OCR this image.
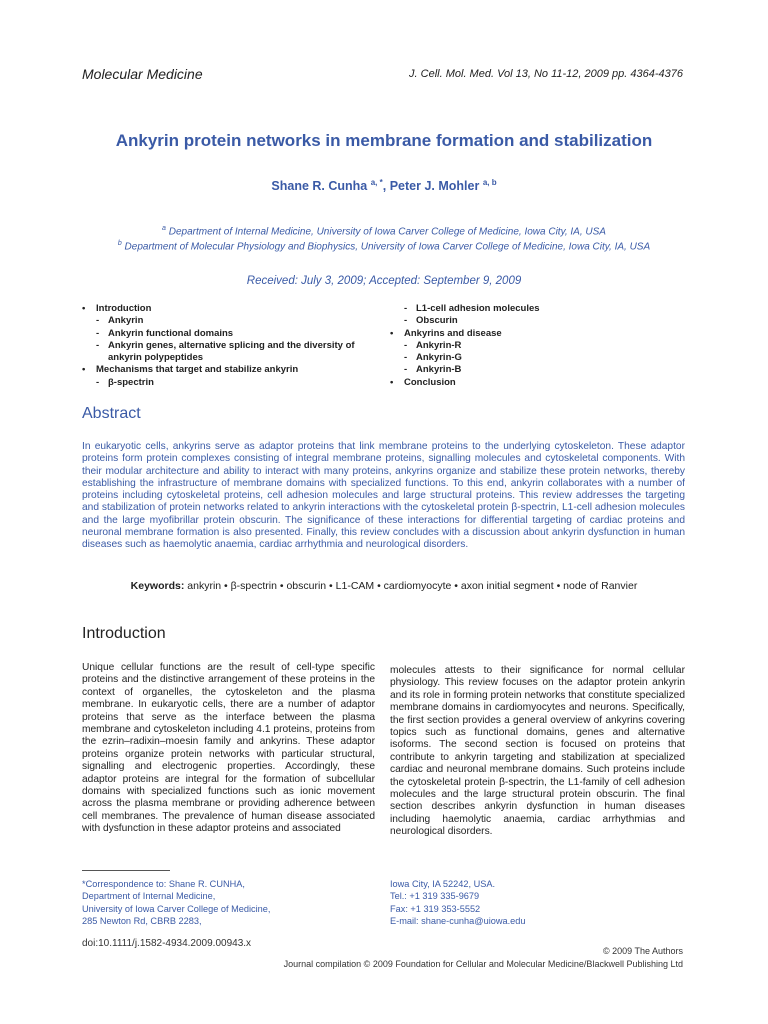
Molecular Medicine	J. Cell. Mol. Med. Vol 13, No 11-12, 2009 pp. 4364-4376
Ankyrin protein networks in membrane formation and stabilization
Shane R. Cunha $^{a, *}$, Peter J. Mohler $^{a, b}$
$^a$ Department of Internal Medicine, University of Iowa Carver College of Medicine, Iowa City, IA, USA
$^b$ Department of Molecular Physiology and Biophysics, University of Iowa Carver College of Medicine, Iowa City, IA, USA
Received: July 3, 2009; Accepted: September 9, 2009
• Introduction
- Ankyrin
- Ankyrin functional domains
- Ankyrin genes, alternative splicing and the diversity of ankyrin polypeptides
• Mechanisms that target and stabilize ankyrin
- β-spectrin
- L1-cell adhesion molecules
- Obscurin
• Ankyrins and disease
- Ankyrin-R
- Ankyrin-G
- Ankyrin-B
• Conclusion
Abstract
In eukaryotic cells, ankyrins serve as adaptor proteins that link membrane proteins to the underlying cytoskeleton. These adaptor proteins form protein complexes consisting of integral membrane proteins, signalling molecules and cytoskeletal components. With their modular architecture and ability to interact with many proteins, ankyrins organize and stabilize these protein networks, thereby establishing the infrastructure of membrane domains with specialized functions. To this end, ankyrin collaborates with a number of proteins including cytoskeletal proteins, cell adhesion molecules and large structural proteins. This review addresses the targeting and stabilization of protein networks related to ankyrin interactions with the cytoskeletal protein β-spectrin, L1-cell adhesion molecules and the large myofibrillar protein obscurin. The significance of these interactions for differential targeting of cardiac proteins and neuronal membrane formation is also presented. Finally, this review concludes with a discussion about ankyrin dysfunction in human diseases such as haemolytic anaemia, cardiac arrhythmia and neurological disorders.
Keywords: ankyrin • β-spectrin • obscurin • L1-CAM • cardiomyocyte • axon initial segment • node of Ranvier
Introduction
Unique cellular functions are the result of cell-type specific proteins and the distinctive arrangement of these proteins in the context of organelles, the cytoskeleton and the plasma membrane. In eukaryotic cells, there are a number of adaptor proteins that serve as the interface between the plasma membrane and cytoskeleton including 4.1 proteins, proteins from the ezrin–radixin–moesin family and ankyrins. These adaptor proteins organize protein networks with particular structural, signalling and electrogenic properties. Accordingly, these adaptor proteins are integral for the formation of subcellular domains with specialized functions such as ionic movement across the plasma membrane or providing adherence between cell membranes. The prevalence of human disease associated with dysfunction in these adaptor proteins and associated
molecules attests to their significance for normal cellular physiology. This review focuses on the adaptor protein ankyrin and its role in forming protein networks that constitute specialized membrane domains in cardiomyocytes and neurons. Specifically, the first section provides a general overview of ankyrins covering topics such as functional domains, genes and alternative isoforms. The second section is focused on proteins that contribute to ankyrin targeting and stabilization at specialized cardiac and neuronal membrane domains. Such proteins include the cytoskeletal protein β-spectrin, the L1-family of cell adhesion molecules and the large structural protein obscurin. The final section describes ankyrin dysfunction in human diseases including haemolytic anaemia, cardiac arrhythmias and neurological disorders.
*Correspondence to: Shane R. CUNHA,
Department of Internal Medicine,
University of Iowa Carver College of Medicine,
285 Newton Rd, CBRB 2283,
Iowa City, IA 52242, USA.
Tel.: +1 319 335-9679
Fax: +1 319 353-5552
E-mail: shane-cunha@uiowa.edu
doi:10.1111/j.1582-4934.2009.00943.x
© 2009 The Authors
Journal compilation © 2009 Foundation for Cellular and Molecular Medicine/Blackwell Publishing Ltd
